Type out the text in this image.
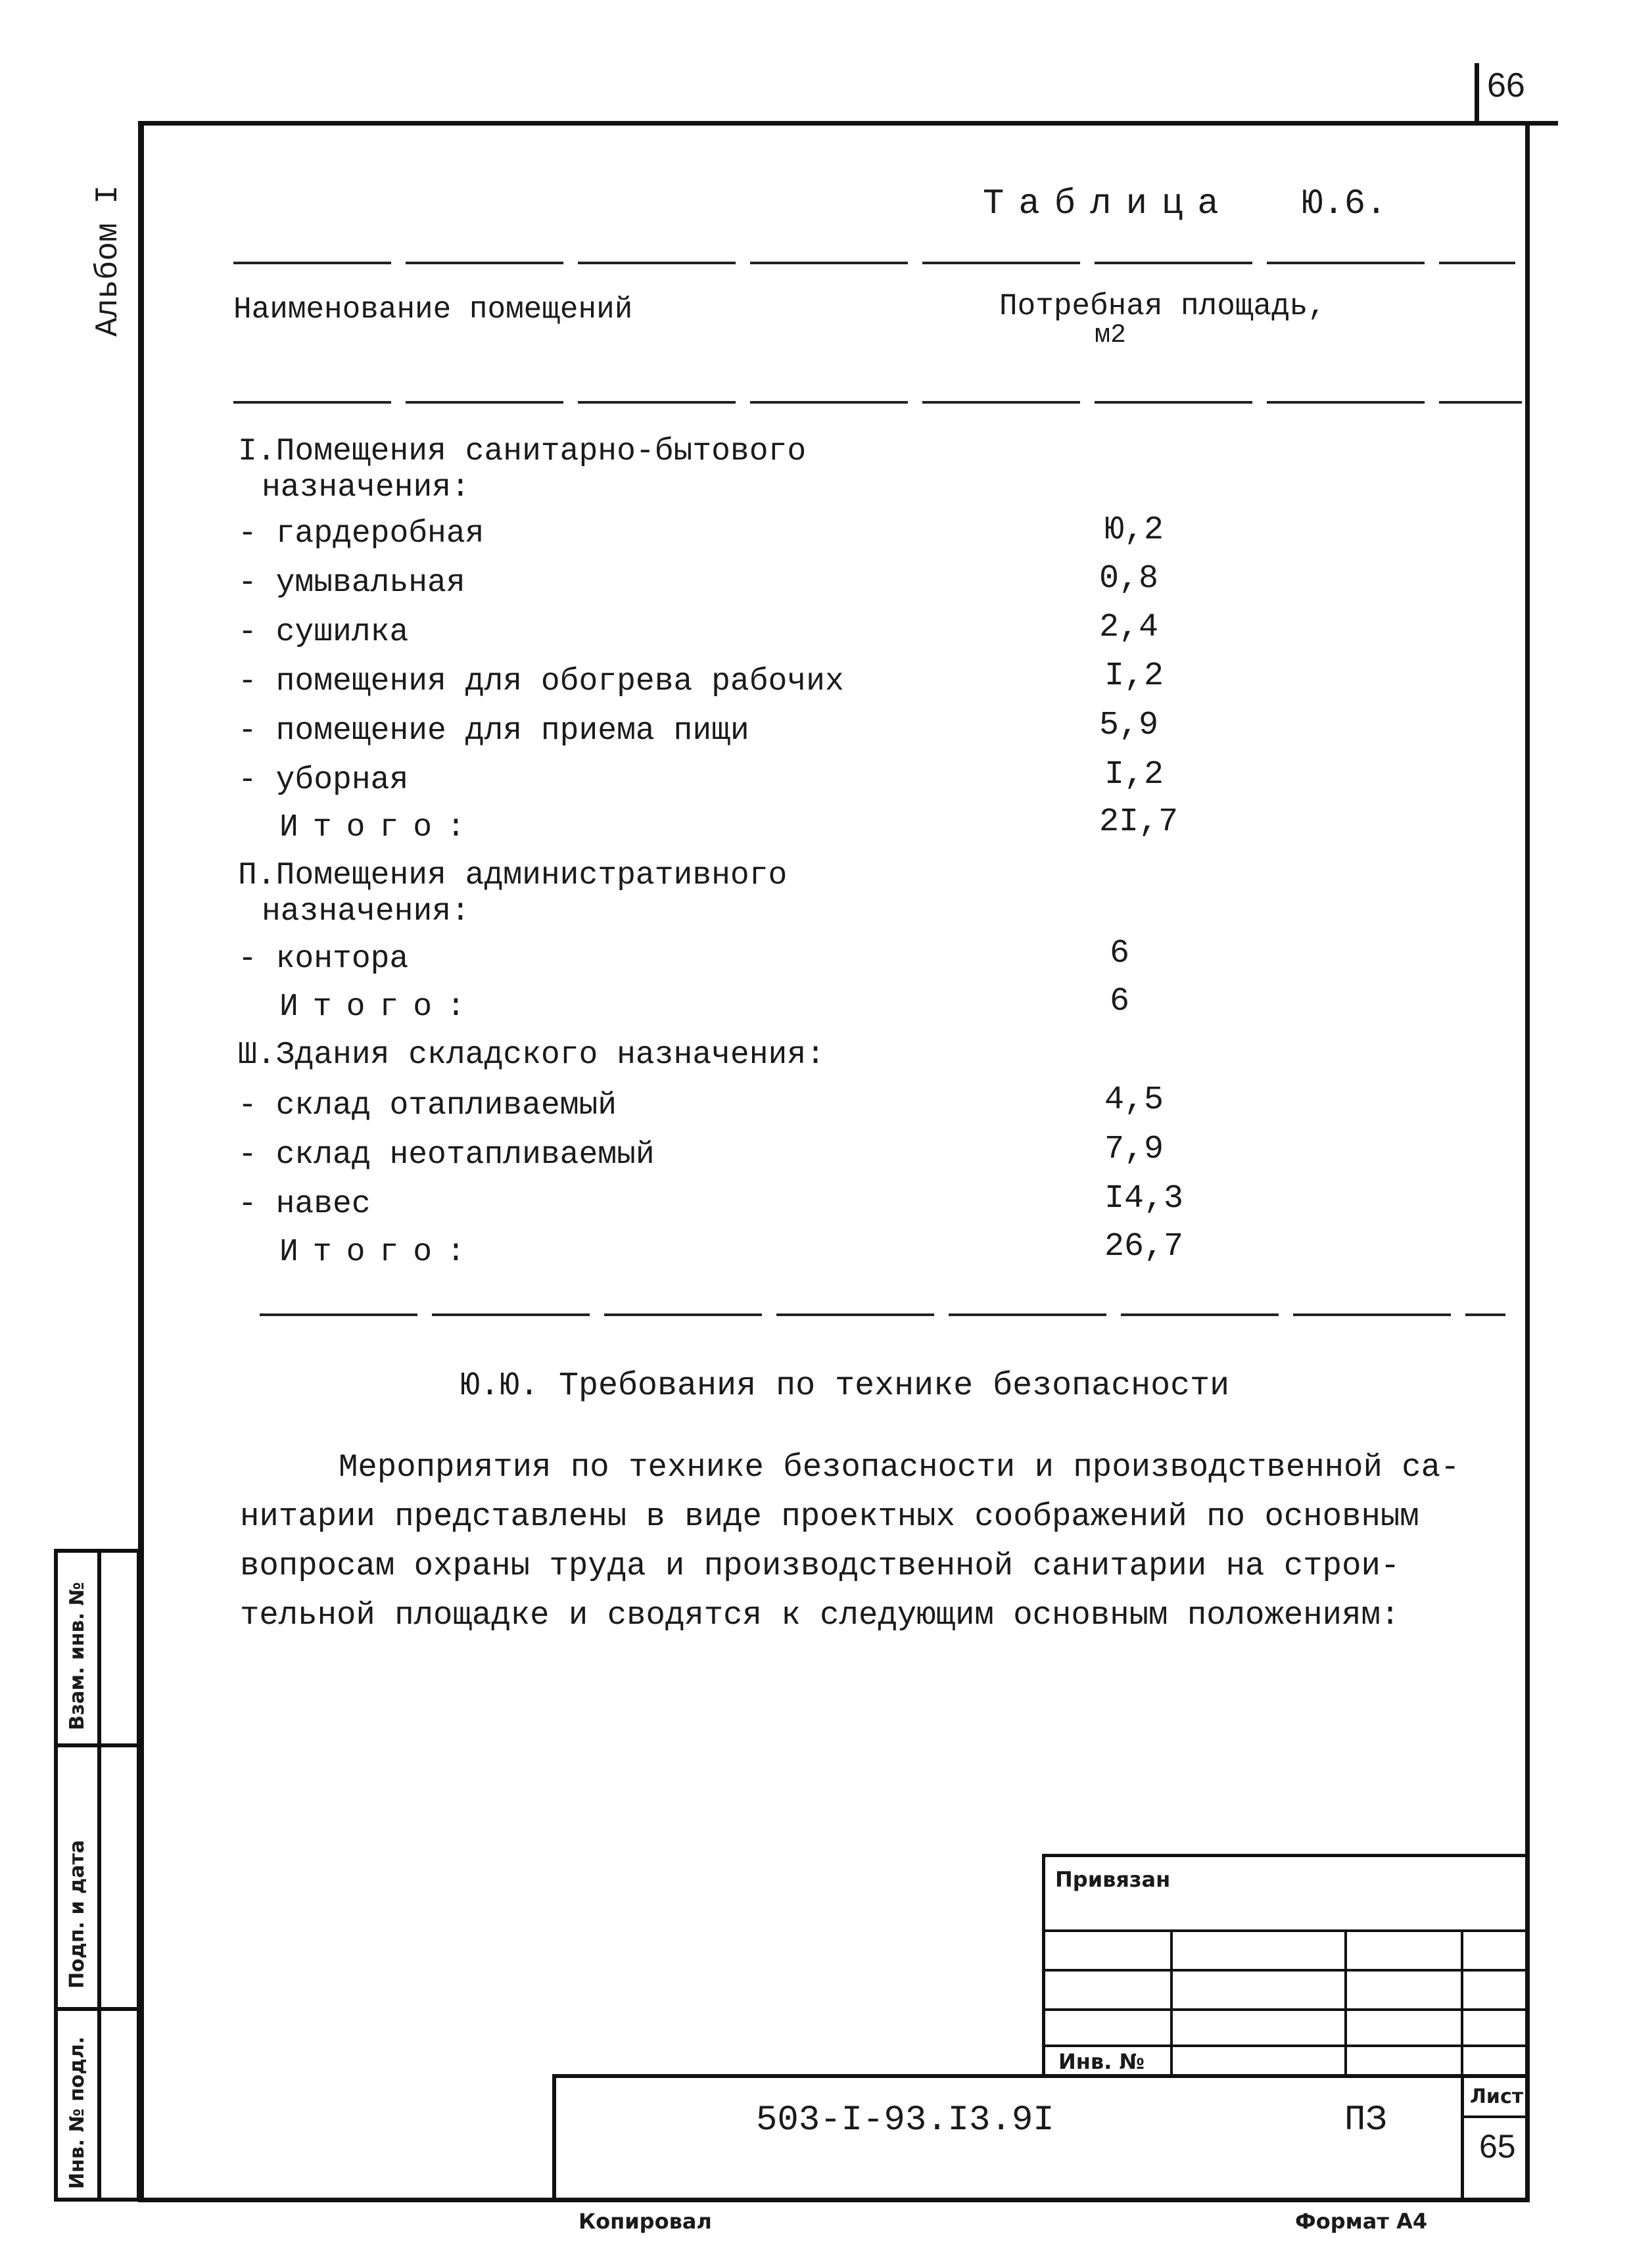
66
Альбом I
Взам. инв. №
Подп. и дата
Инв. № подл.
Таблица Ю.6.
Наименование помещений	Потребная площадь,
м2
I.Помещения санитарно-бытового
назначения:
- гардеробная	Ю,2
- умывальная	0,8
- сушилка	2,4
- помещения для обогрева рабочих	I,2
- помещение для приема пищи	5,9
- уборная	I,2
Итого:	2I,7
П.Помещения административного
назначения:
- контора	6
Итого:	6
Ш.Здания складского назначения:
- склад отапливаемый	4,5
- склад неотапливаемый	7,9
- навес	I4,3
Итого:	26,7
Ю.Ю. Требования по технике безопасности
Мероприятия по технике безопасности и производственной са-
нитарии представлены в виде проектных соображений по основным
вопросам охраны труда и производственной санитарии на строи-
тельной площадке и сводятся к следующим основным положениям:
Привязан
Инв. №
503-I-93.I3.9I	ПЗ
Лист
65
Копировал	Формат А4
